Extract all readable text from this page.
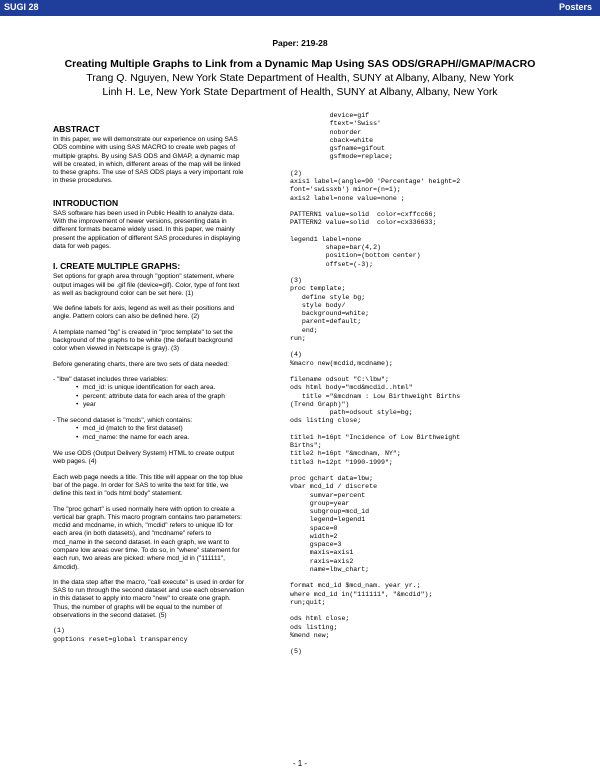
SUGI 28	Posters
Paper: 219-28
Creating Multiple Graphs to Link from a Dynamic Map Using SAS ODS/GRAPH//GMAP/MACRO
Trang Q. Nguyen, New York State Department of Health, SUNY at Albany, Albany, New York
Linh H. Le, New York State Department of Health, SUNY at Albany, Albany, New York
ABSTRACT

In this paper, we will demonstrate our experience on using SAS
ODS combine with using SAS MACRO to create web pages of
multiple graphs. By using SAS ODS and GMAP, a dynamic map
will be created, in which, different areas of the map will be linked
to these graphs. The use of SAS ODS plays a very important role
in these procedures.

INTRODUCTION

SAS software has been used in Public Health to analyze data.
With the improvement of newer versions, presenting data in
different formats became widely used. In this paper, we mainly
present the application of different SAS procedures in displaying
data for web pages.

I. CREATE MULTIPLE GRAPHS:

Set options for graph area through "goption" statement, where
output images will be .gif file (device=gif). Color, type of font text
as well as background color can be set here. (1)

We define labels for axis, legend as well as their positions and
angle. Pattern colors can also be defined here. (2)

A template named "bg" is created in "proc template" to set the
background of the graphs to be white (the default background
color when viewed in Netscape is gray). (3)

Before generating charts, there are two sets of data needed:

- "lbw" dataset includes three variables:

• mcd_id: is unique identification for each area.
• percent: attribute data for each area of the graph
• year

- The second dataset is "mcds", which contains:

• mcd_id (match to the first dataset)
• mcd_name: the name for each area.

We use ODS (Output Delivery System) HTML to create output
web pages. (4)

Each web page needs a title. This title will appear on the top blue
bar of the page. In order for SAS to write the text for title, we
define this text in "ods html body" statement.

The "proc gchart" is used normally here with option to create a
vertical bar graph. This macro program contains two parameters:
mcdid and mcdname, in which, "mcdid" refers to unique ID for
each area (in both datasets), and "mcdname" refers to
mcd_name in the second dataset. In each graph, we want to
compare low areas over time. To do so, in "where" statement for
each run, two areas are picked: where mcd_id in ("111111",
&mcdid).

In the data step after the macro, "call execute" is used in order for
SAS to run through the second dataset and use each observation
in this dataset to apply into macro "new" to create one graph.
Thus, the number of graphs will be equal to the number of
observations in the second dataset. (5)

(1)
goptions reset=global transparency
device=gif
ftext='Swiss'
noborder
cback=white
gsfname=gifout
gsfmode=replace;

(2)
axis1 label=(angle=90 'Percentage' height=2
font='swissxb') minor=(n=1);
axis2 label=none value=none ;

PATTERN1 value=solid  color=cxffcc66;
PATTERN2 value=solid  color=cx336633;

legend1 label=none
shape=bar(4,2)
position=(bottom center)
offset=(-3);

(3)
proc template;
define style bg;
style body/
background=white;
parent=default;
end;
run;

(4)
%macro new(mcdid,mcdname);

filename odsout "C:\lbw";
ods html body="mcd&mcdid..html"
title ="&mcdnam : Low Birthweight Births
(Trend Graph)")
path=odsout style=bg;
ods listing close;

title1 h=16pt "Incidence of Low Birthweight
Births";
title2 h=16pt "&mcdnam, NY";
title3 h=12pt "1990-1999";

proc gchart data=lbw;
vbar mcd_id / discrete
sumvar=percent
group=year
subgroup=mcd_id
legend=legend1
space=0
width=2
gspace=3
maxis=axis1
raxis=axis2
name=lbw_chart;

format mcd_id $mcd_nam. year yr.;
where mcd_id in("111111", "&mcdid");
run;quit;

ods html close;
ods listing;
%mend new;

(5)
- 1 -
